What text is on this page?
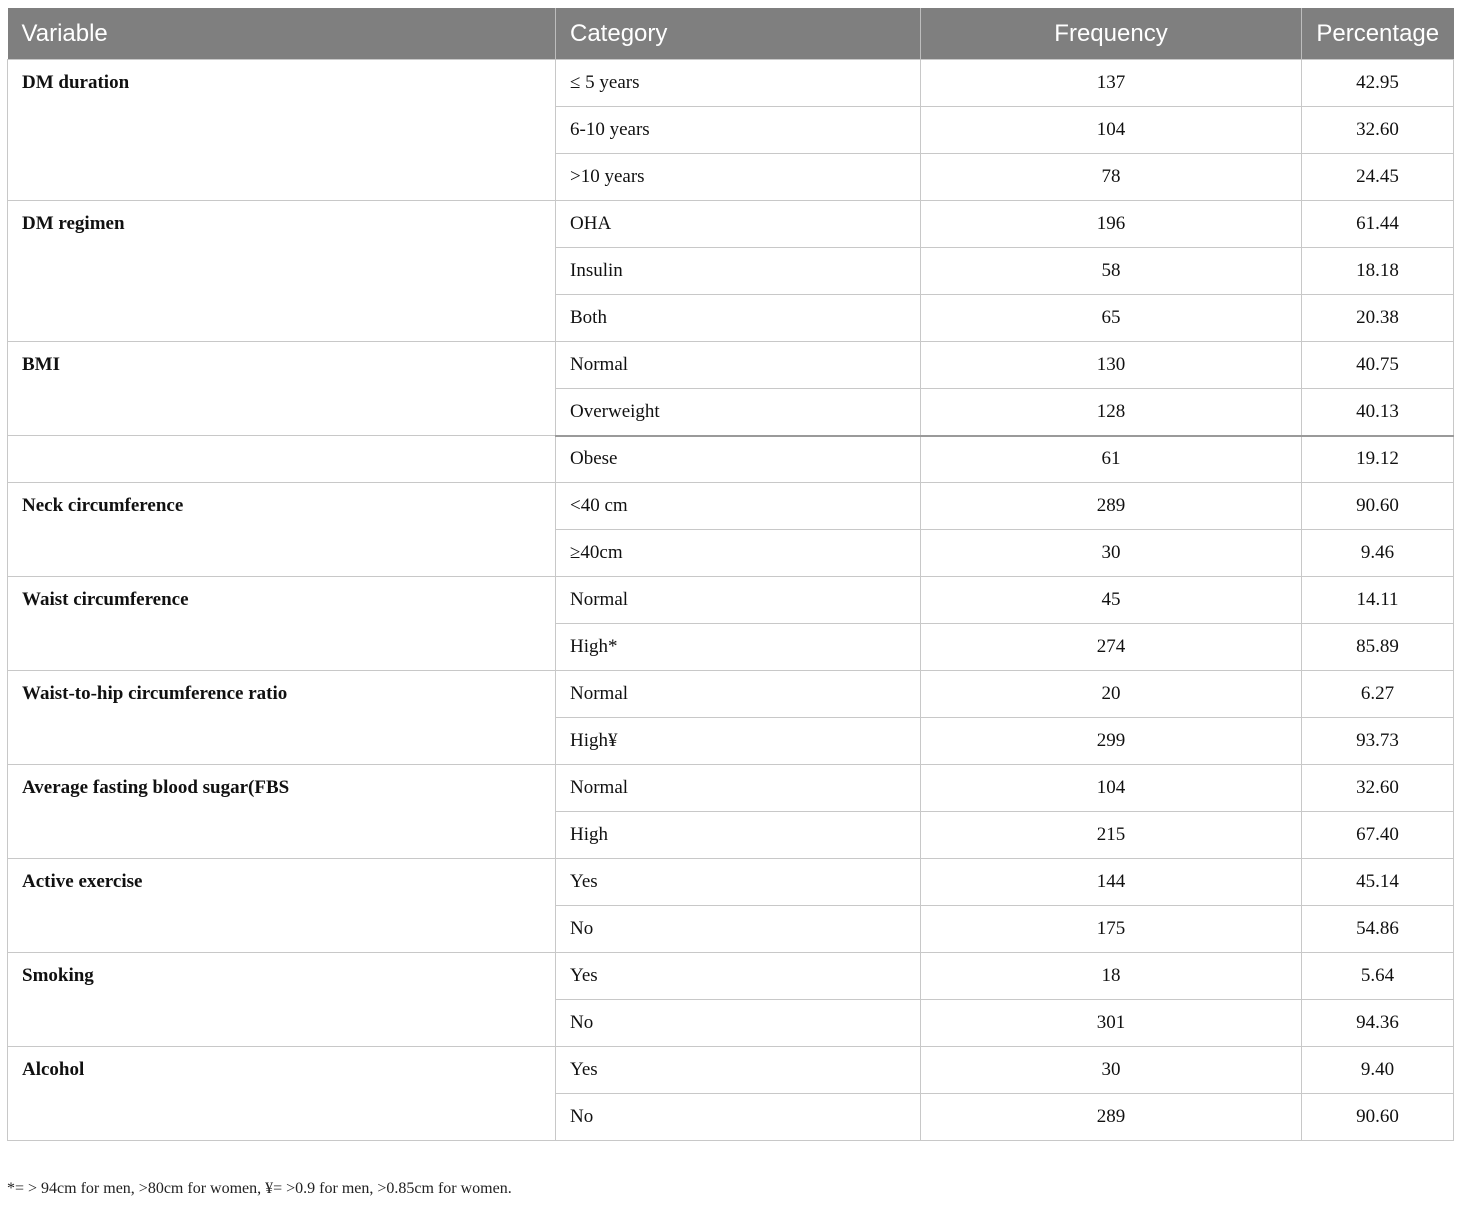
Variable	Category	Frequency	Percentage
DM duration	≤ 5 years	137	42.95
	6-10 years	104	32.60
	>10 years	78	24.45
DM regimen	OHA	196	61.44
	Insulin	58	18.18
	Both	65	20.38
BMI	Normal	130	40.75
	Overweight	128	40.13
	Obese	61	19.12
Neck circumference	<40 cm	289	90.60
	≥40cm	30	9.46
Waist circumference	Normal	45	14.11
	High*	274	85.89
Waist-to-hip circumference ratio	Normal	20	6.27
	High¥	299	93.73
Average fasting blood sugar(FBS	Normal	104	32.60
	High	215	67.40
Active exercise	Yes	144	45.14
	No	175	54.86
Smoking	Yes	18	5.64
	No	301	94.36
Alcohol	Yes	30	9.40
	No	289	90.60
*= > 94cm for men, >80cm for women, ¥= >0.9 for men, >0.85cm for women.
